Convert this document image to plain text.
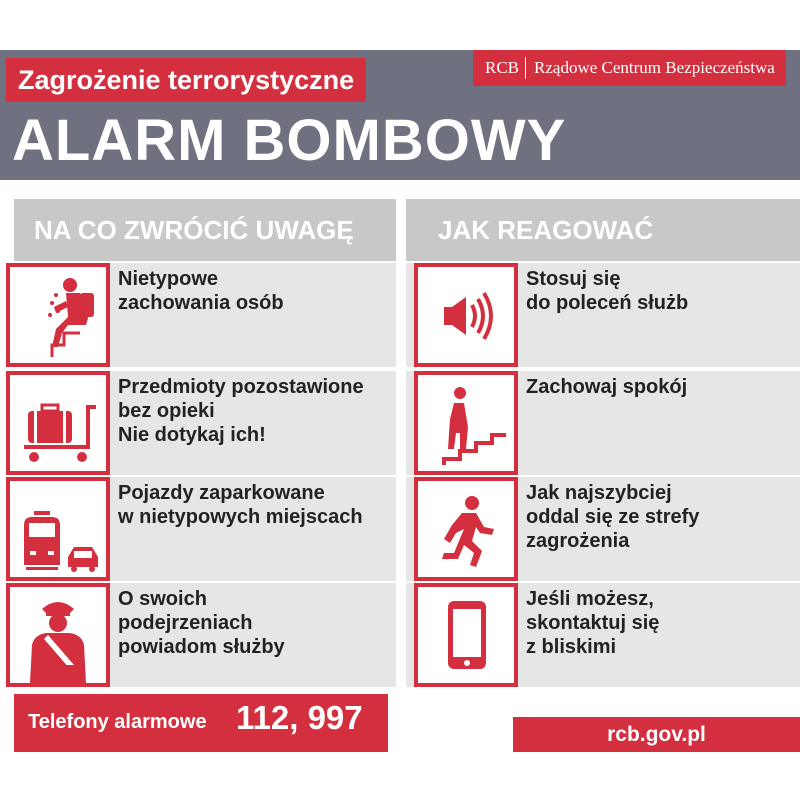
Zagrożenie terrorystyczne	RCB Rządowe Centrum Bezpieczeństwa
ALARM BOMBOWY
NA CO ZWRÓCIĆ UWAGĘ	JAK REAGOWAĆ
Nietypowe
zachowania osób
Przedmioty pozostawione
bez opieki
Nie dotykaj ich!
Pojazdy zaparkowane
w nietypowych miejscach
O swoich
podejrzeniach
powiadom służby
Stosuj się
do poleceń służb
Zachowaj spokój
Jak najszybciej
oddal się ze strefy
zagrożenia
Jeśli możesz,
skontaktuj się
z bliskimi
Telefony alarmowe 112, 997	rcb.gov.pl
